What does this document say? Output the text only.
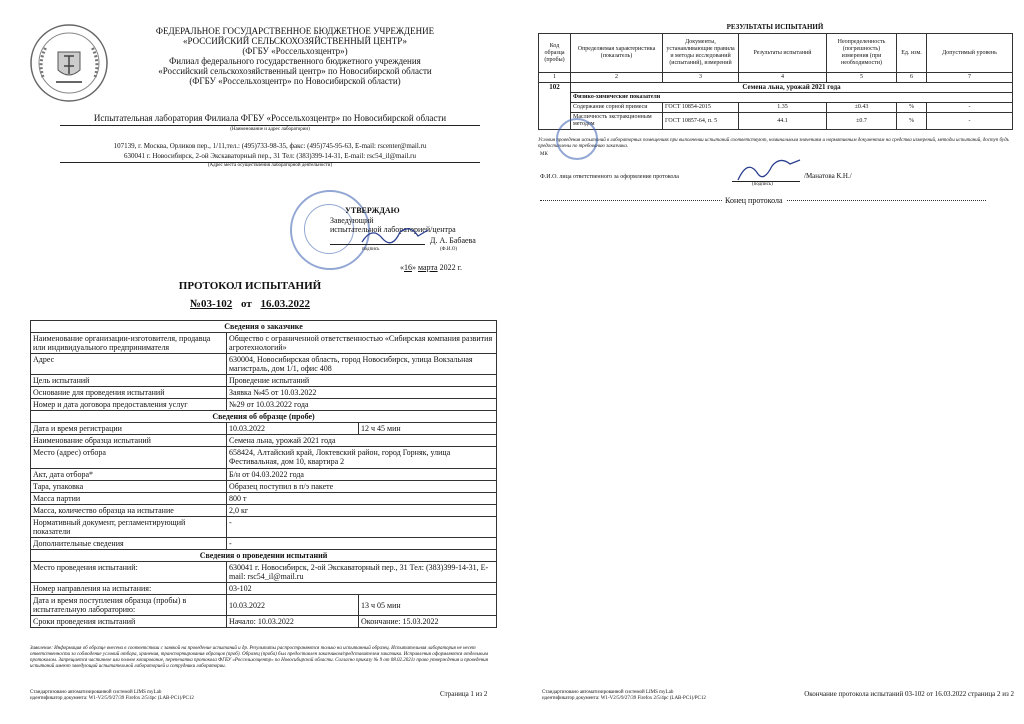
ФЕДЕРАЛЬНОЕ ГОСУДАРСТВЕННОЕ БЮДЖЕТНОЕ УЧРЕЖДЕНИЕ
«РОССИЙСКИЙ СЕЛЬСКОХОЗЯЙСТВЕННЫЙ ЦЕНТР»
(ФГБУ «Россельхозцентр»)
Филиал федерального государственного бюджетного учреждения
«Российский сельскохозяйственный центр» по Новосибирской области
(ФГБУ «Россельхозцентр» по Новосибирской области)
Испытательная лаборатория Филиала ФГБУ «Россельхозцентр» по Новосибирской области
(Наименование и адрес лаборатории)
107139, г. Москва, Орликов пер., 1/11,тел.: (495)733-98-35, факс: (495)745-95-63, E-mail: rscenter@mail.ru
630041 г. Новосибирск, 2-ой Экскаваторный пер., 31 Тел: (383)399-14-31, E-mail: rsc54_il@mail.ru
(Адрес места осуществления лабораторной деятельности)
УТВЕРЖДАЮ
Заведующий
испытательной лабораторией/центра
Д. А. Бабаева
подпись	(Ф.И.О)
«16» марта 2022 г.
ПРОТОКОЛ ИСПЫТАНИЙ
№03-102 от 16.03.2022
Сведения о заказчике		
Наименование организации-изготовителя, продавца или индивидуального предпринимателя	Общество с ограниченной ответственностью «Сибирская компания развития агротехнологий»	
Адрес	630004, Новосибирская область, город Новосибирск, улица Вокзальная магистраль, дом 1/1, офис 408	
Цель испытаний	Проведение испытаний	
Основание для проведения испытаний	Заявка №45 от 10.03.2022	
Номер и дата договора предоставления услуг	№29 от 10.03.2022 года	
Сведения об образце (пробе)		
Дата и время регистрации	10.03.2022	12 ч 45 мин
Наименование образца испытаний	Семена льна, урожай 2021 года	
Место (адрес) отбора	658424, Алтайский край, Локтевский район, город Горняк, улица Фестивальная, дом 10, квартира 2	
Акт, дата отбора*	Б/н от 04.03.2022 года	
Тара, упаковка	Образец поступил в п/э пакете	
Масса партии	800 т	
Масса, количество образца на испытание	2,0 кг	
Нормативный документ, регламентирующий показатели	-	
Дополнительные сведения	-	
Сведения о проведении испытаний		
Место проведения испытаний:	630041 г. Новосибирск, 2-ой Экскаваторный пер., 31 Тел: (383)399-14-31, E-mail: rsc54_il@mail.ru	
Номер направления на испытания:	03-102	
Дата и время поступления образца (пробы) в испытательную лабораторию:	10.03.2022	13 ч 05 мин
Сроки проведения испытаний	Начало: 10.03.2022	Окончание: 15.03.2022
Заявление: Информация об образце внесена в соответствии с заявкой на проведение испытаний и др. Результаты распространяются только на испытанный образец. Испытательная лаборатория не несет ответственности за соблюдение условий отбора, хранения, транспортирования образцов (проб). Образец (проба) был предоставлен заказчиком/представителем заказчика. Исправления оформляются отдельным протоколом. Запрещается частичное или полное копирование, перепечатка протокола ФГБУ «Россельхозцентр» по Новосибирской области. Согласно приказу № 9 от 08.02.2021г право утверждения и проведения испытаний имеют заведующий испытательной лабораторией и сотрудники лаборатории.
Стандартизовано автоматизированной системой LIMS myLab
идентификатор документа: W1-V2/5/9/27/39 Firefox 2/5/4pc (LAB-PC1)/PC12
Страница 1 из 2
РЕЗУЛЬТАТЫ ИСПЫТАНИЙ
Код образца (пробы)	Определяемая характеристика (показатель)	Документы, устанавливающие правила и методы исследований (испытаний), измерений	Результаты испытаний	Неопределенность (погрешность) измерения (при необходимости)	Ед. изм.	Допустимый уровень
1	2	3	4	5	6	7
102	Семена льна, урожай 2021 года					
	Физико-химические показатели					
	Содержание сорной примеси	ГОСТ 10854-2015	1.35	±0.43	%	-
	Масличность экстракционным методом	ГОСТ 10857-64, п. 5	44.1	±0.7	%	-
Условия проведения испытаний в лабораторных помещениях при выполнении испытаний соответствуют, номинальным значениям и нормативным документам на средства измерений, методы испытаний, доступ будь предоставлены по требованию заказчика.
МК
Ф.И.О. лица ответственного за оформление протокола
(подпись)
/Манатова К.Н./
Конец протокола
Стандартизовано автоматизированной системой LIMS myLab
идентификатор документа: W1-V2/5/9/27/39 Firefox 2/5/4pc (LAB-PC1)/PC12
Окончание протокола испытаний 03-102 от 16.03.2022 страница 2 из 2
